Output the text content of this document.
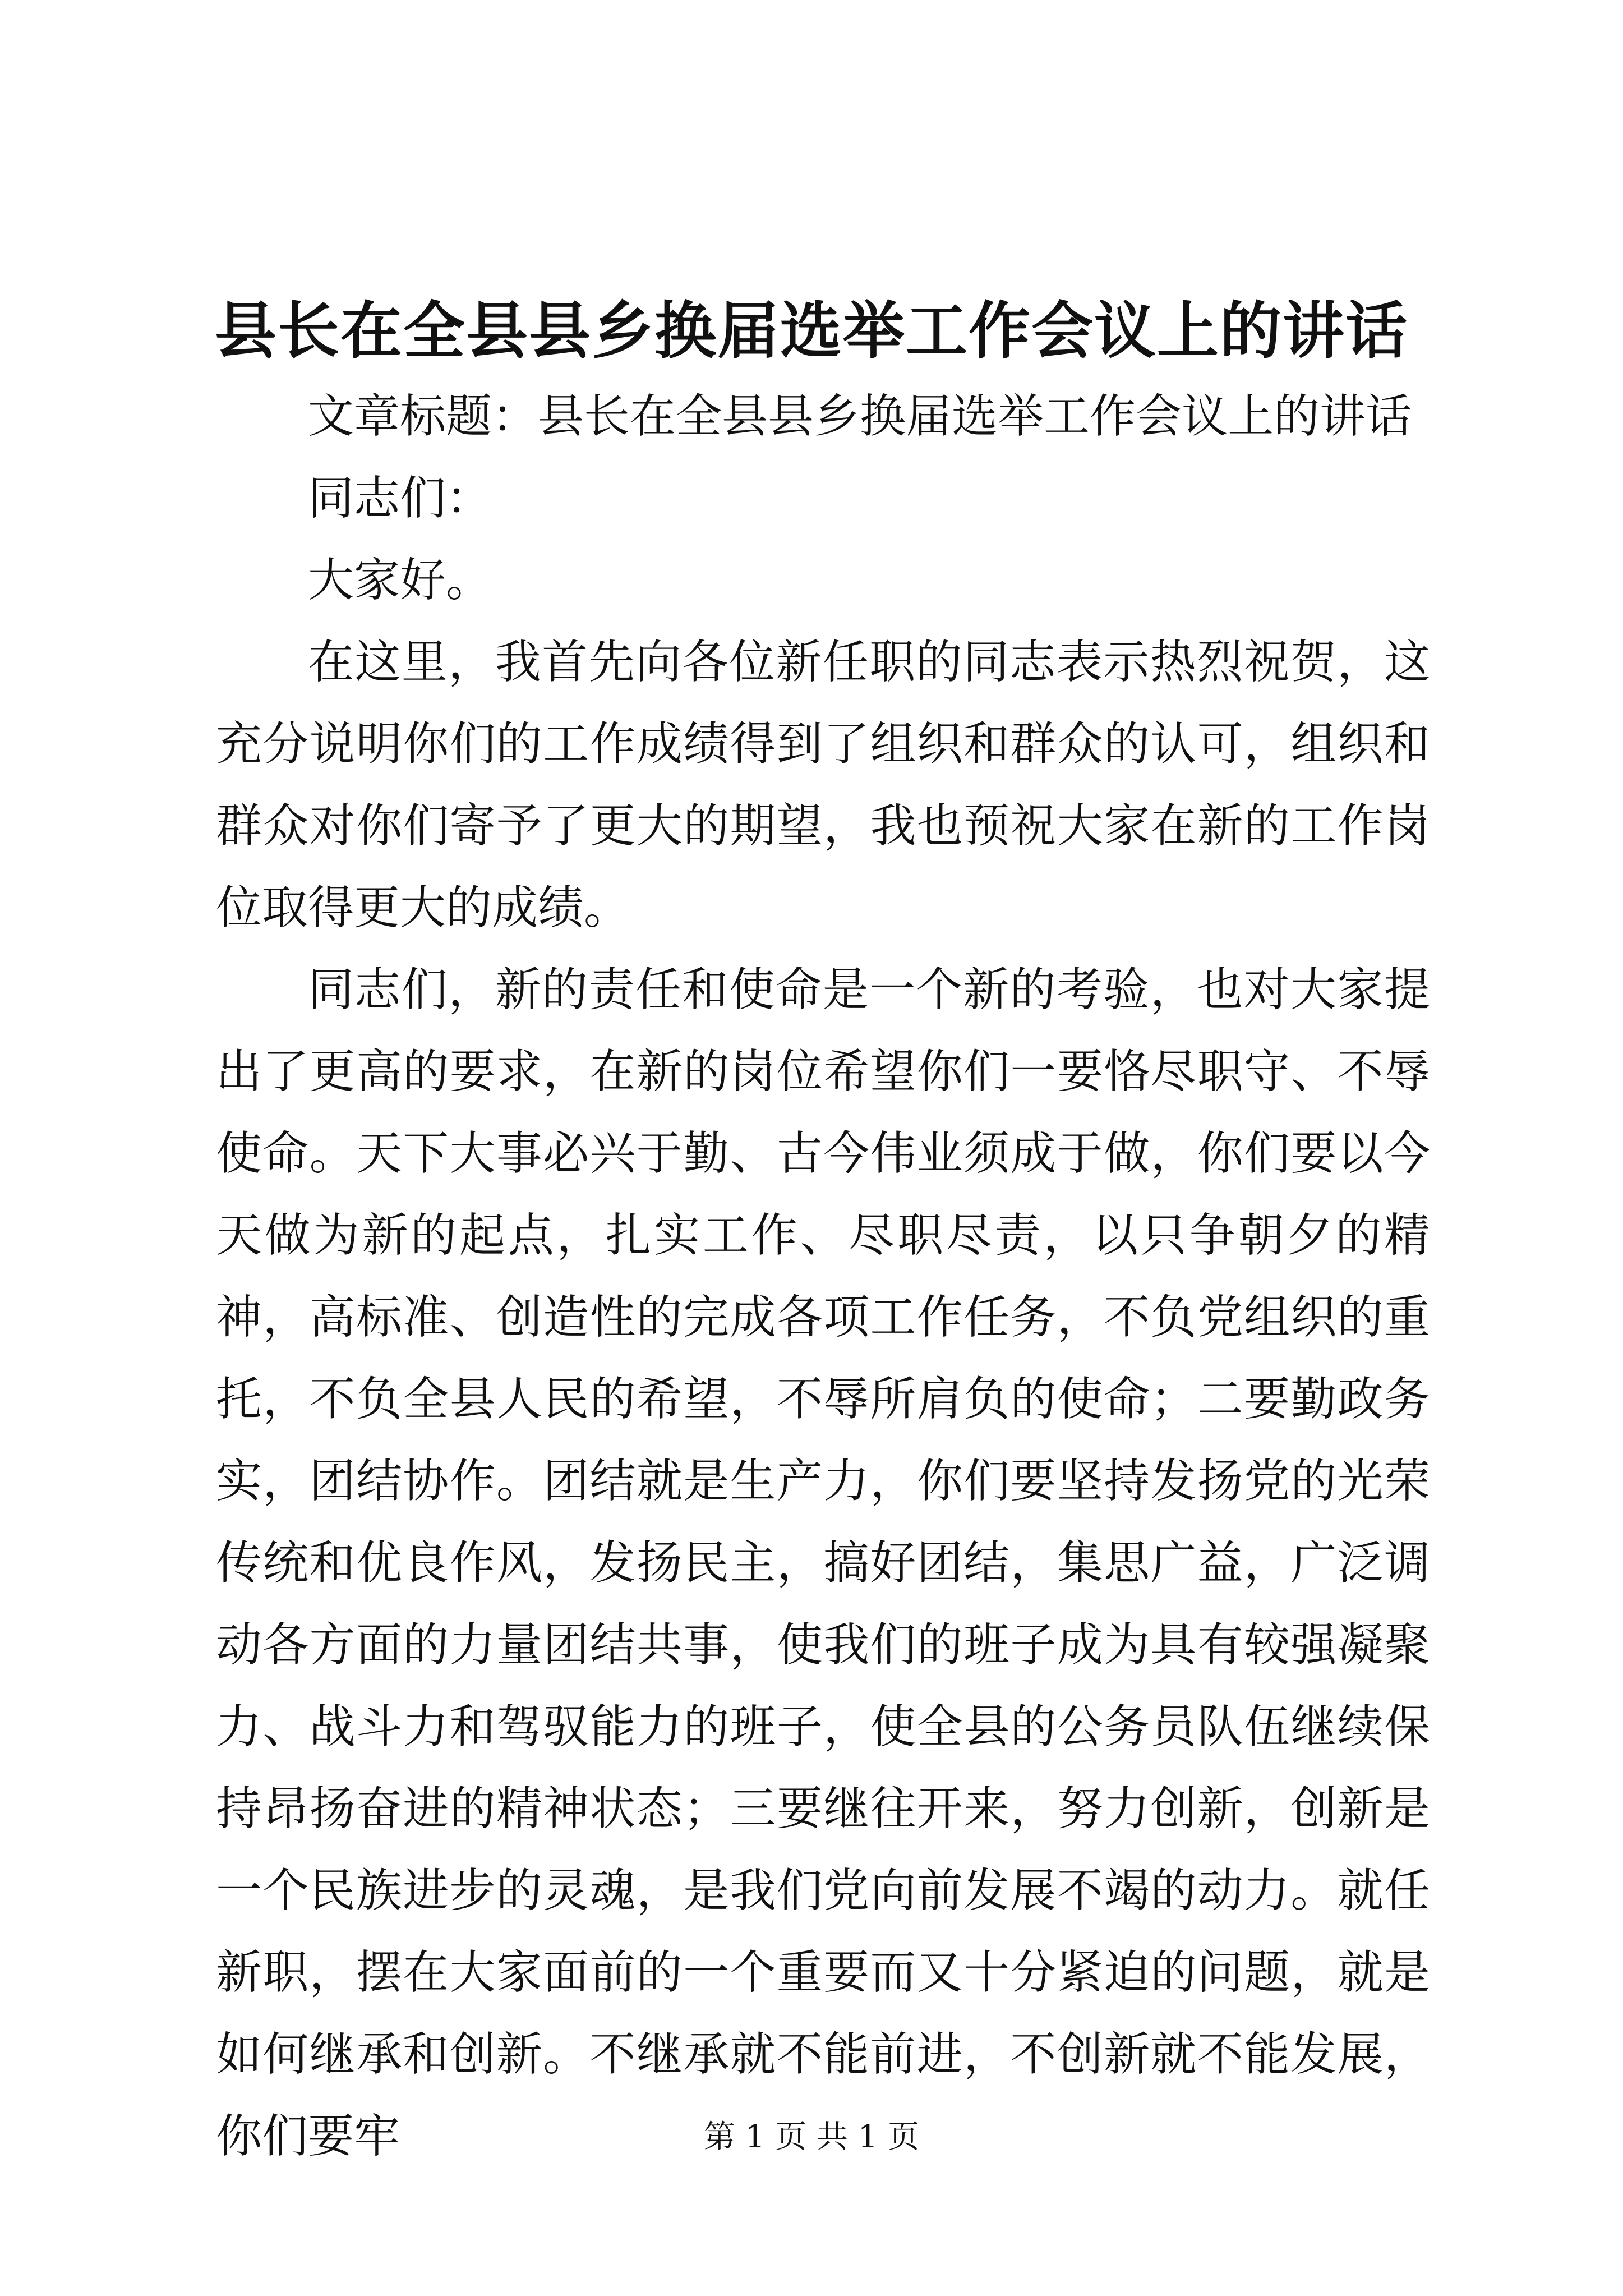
县长在全县县乡换届选举工作会议上的讲话

文章标题：县长在全县县乡换届选举工作会议上的讲话

同志们：

大家好。

在这里，我首先向各位新任职的同志表示热烈祝贺，这充分说明你们的工作成绩得到了组织和群众的认可，组织和群众对你们寄予了更大的期望，我也预祝大家在新的工作岗位取得更大的成绩。

同志们，新的责任和使命是一个新的考验，也对大家提出了更高的要求，在新的岗位希望你们一要恪尽职守、不辱使命。天下大事必兴于勤、古今伟业须成于做，你们要以今天做为新的起点，扎实工作、尽职尽责，以只争朝夕的精神，高标准、创造性的完成各项工作任务，不负党组织的重托，不负全县人民的希望，不辱所肩负的使命；二要勤政务实，团结协作。团结就是生产力，你们要坚持发扬党的光荣传统和优良作风，发扬民主，搞好团结，集思广益，广泛调动各方面的力量团结共事，使我们的班子成为具有较强凝聚力、战斗力和驾驭能力的班子，使全县的公务员队伍继续保持昂扬奋进的精神状态；三要继往开来，努力创新，创新是一个民族进步的灵魂，是我们党向前发展不竭的动力。就任新职，摆在大家面前的一个重要而又十分紧迫的问题，就是如何继承和创新。不继承就不能前进，不创新就不能发展，你们要牢	第 1 页 共 1 页
